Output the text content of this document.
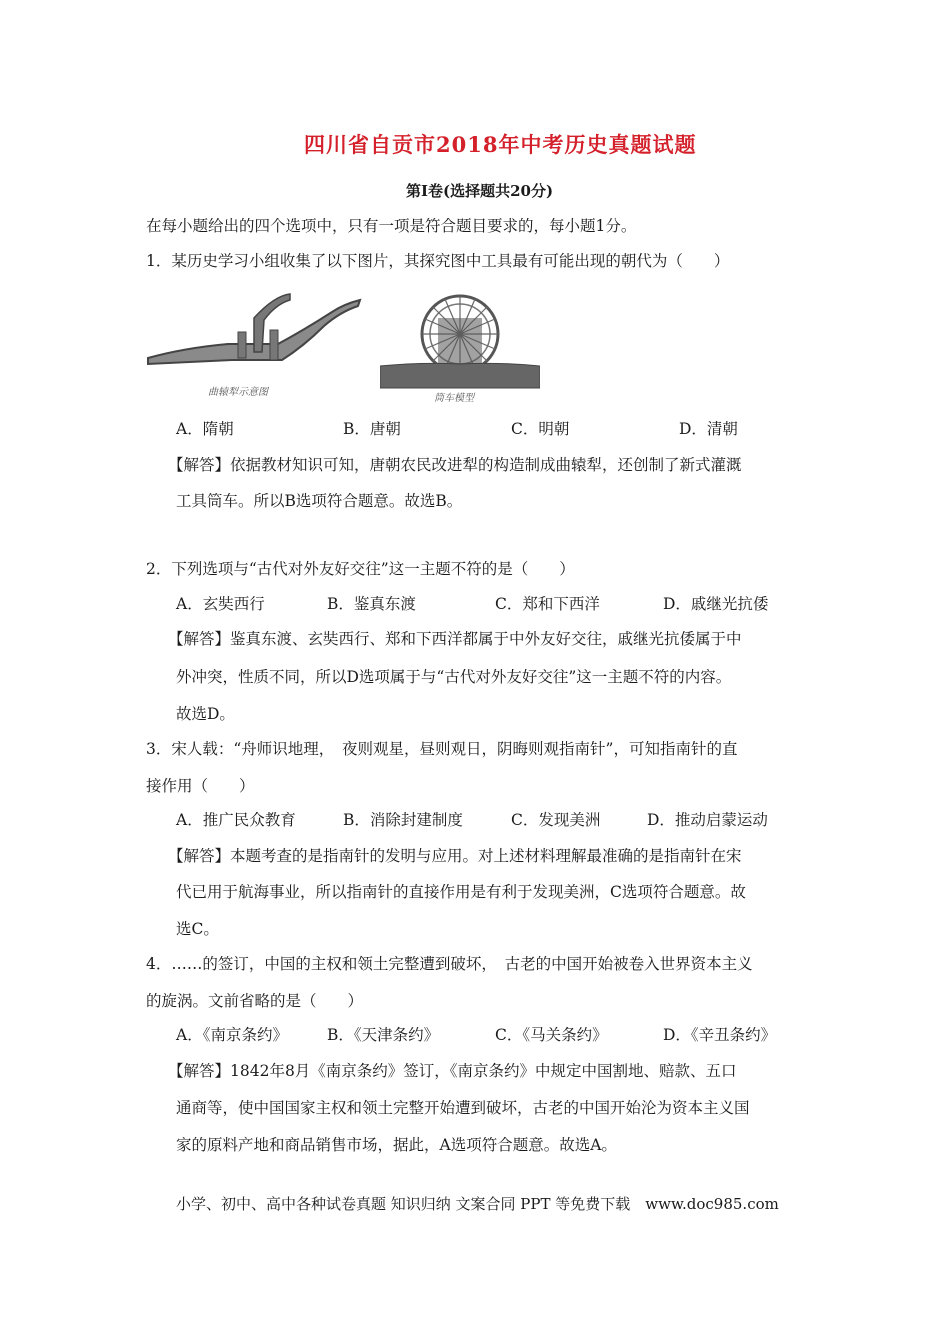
四川省自贡市2018年中考历史真题试题
第Ⅰ卷(选择题共20分)
在每小题给出的四个选项中，只有一项是符合题目要求的，每小题1分。
1．某历史学习小组收集了以下图片，其探究图中工具最有可能出现的朝代为（　　）
曲辕犁示意图
筒车模型
A．隋朝	B．唐朝	C．明朝	D．清朝
【解答】依据教材知识可知，唐朝农民改进犁的构造制成曲辕犁，还创制了新式灌溉
工具筒车。所以B选项符合题意。故选B。
2．下列选项与“古代对外友好交往”这一主题不符的是（　　）
A．玄奘西行	B．鉴真东渡	C．郑和下西洋	D．戚继光抗倭
【解答】鉴真东渡、玄奘西行、郑和下西洋都属于中外友好交往，戚继光抗倭属于中
外冲突，性质不同，所以D选项属于与“古代对外友好交往”这一主题不符的内容。
故选D。
3．宋人载：“舟师识地理，　夜则观星，昼则观日，阴晦则观指南针”，可知指南针的直
接作用（　　）
A．推广民众教育	B．消除封建制度	C．发现美洲	D．推动启蒙运动
【解答】本题考查的是指南针的发明与应用。对上述材料理解最准确的是指南针在宋
代已用于航海事业，所以指南针的直接作用是有利于发现美洲，C选项符合题意。故
选C。
4．……的签订，中国的主权和领土完整遭到破坏，　古老的中国开始被卷入世界资本主义
的旋涡。文前省略的是（　　）
A．《南京条约》	B．《天津条约》	C．《马关条约》	D．《辛丑条约》
【解答】1842年8月《南京条约》签订，《南京条约》中规定中国割地、赔款、五口
通商等，使中国国家主权和领土完整开始遭到破坏，古老的中国开始沦为资本主义国
家的原料产地和商品销售市场，据此，A选项符合题意。故选A。
小学、初中、高中各种试卷真题 知识归纳 文案合同 PPT 等免费下载　www.doc985.com
